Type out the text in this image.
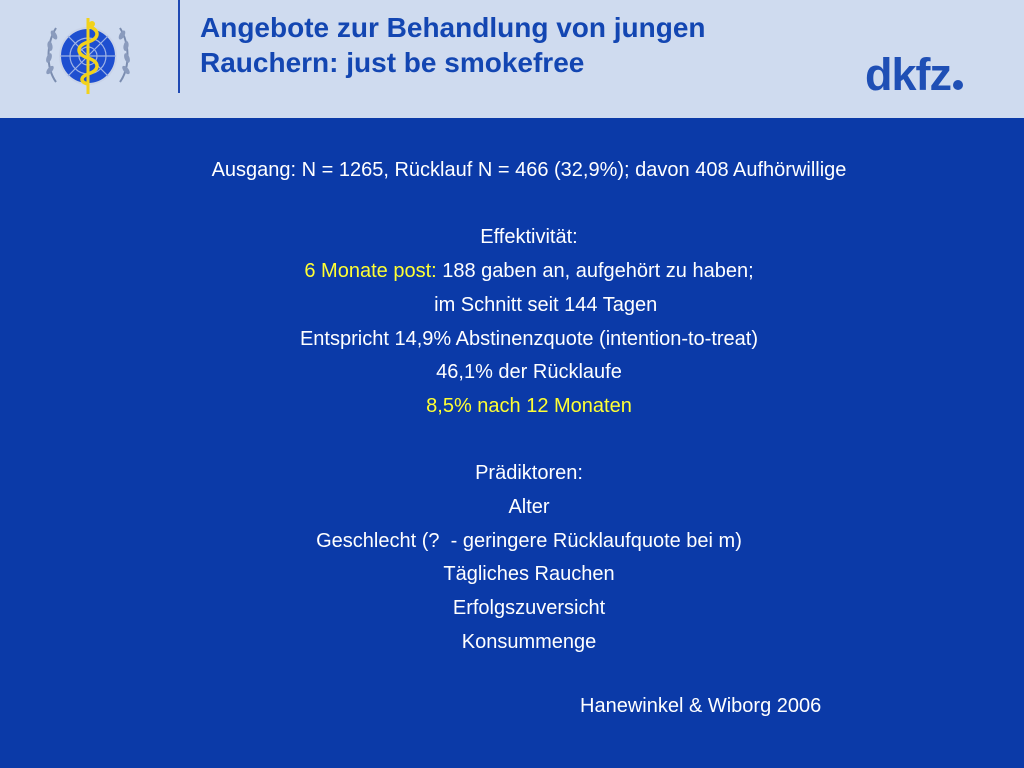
Angebote zur Behandlung von jungen
Rauchern: just be smokefree	dkfz
Ausgang: N = 1265, Rücklauf N = 466 (32,9%); davon 408 Aufhörwillige
Effektivität:
6 Monate post: 188 gaben an, aufgehört zu haben;
im Schnitt seit 144 Tagen
Entspricht 14,9% Abstinenzquote (intention-to-treat)
46,1% der Rücklaufe
8,5% nach 12 Monaten
Prädiktoren:
Alter
Geschlecht (?  - geringere Rücklaufquote bei m)
Tägliches Rauchen
Erfolgszuversicht
Konsummenge
Hanewinkel & Wiborg 2006
